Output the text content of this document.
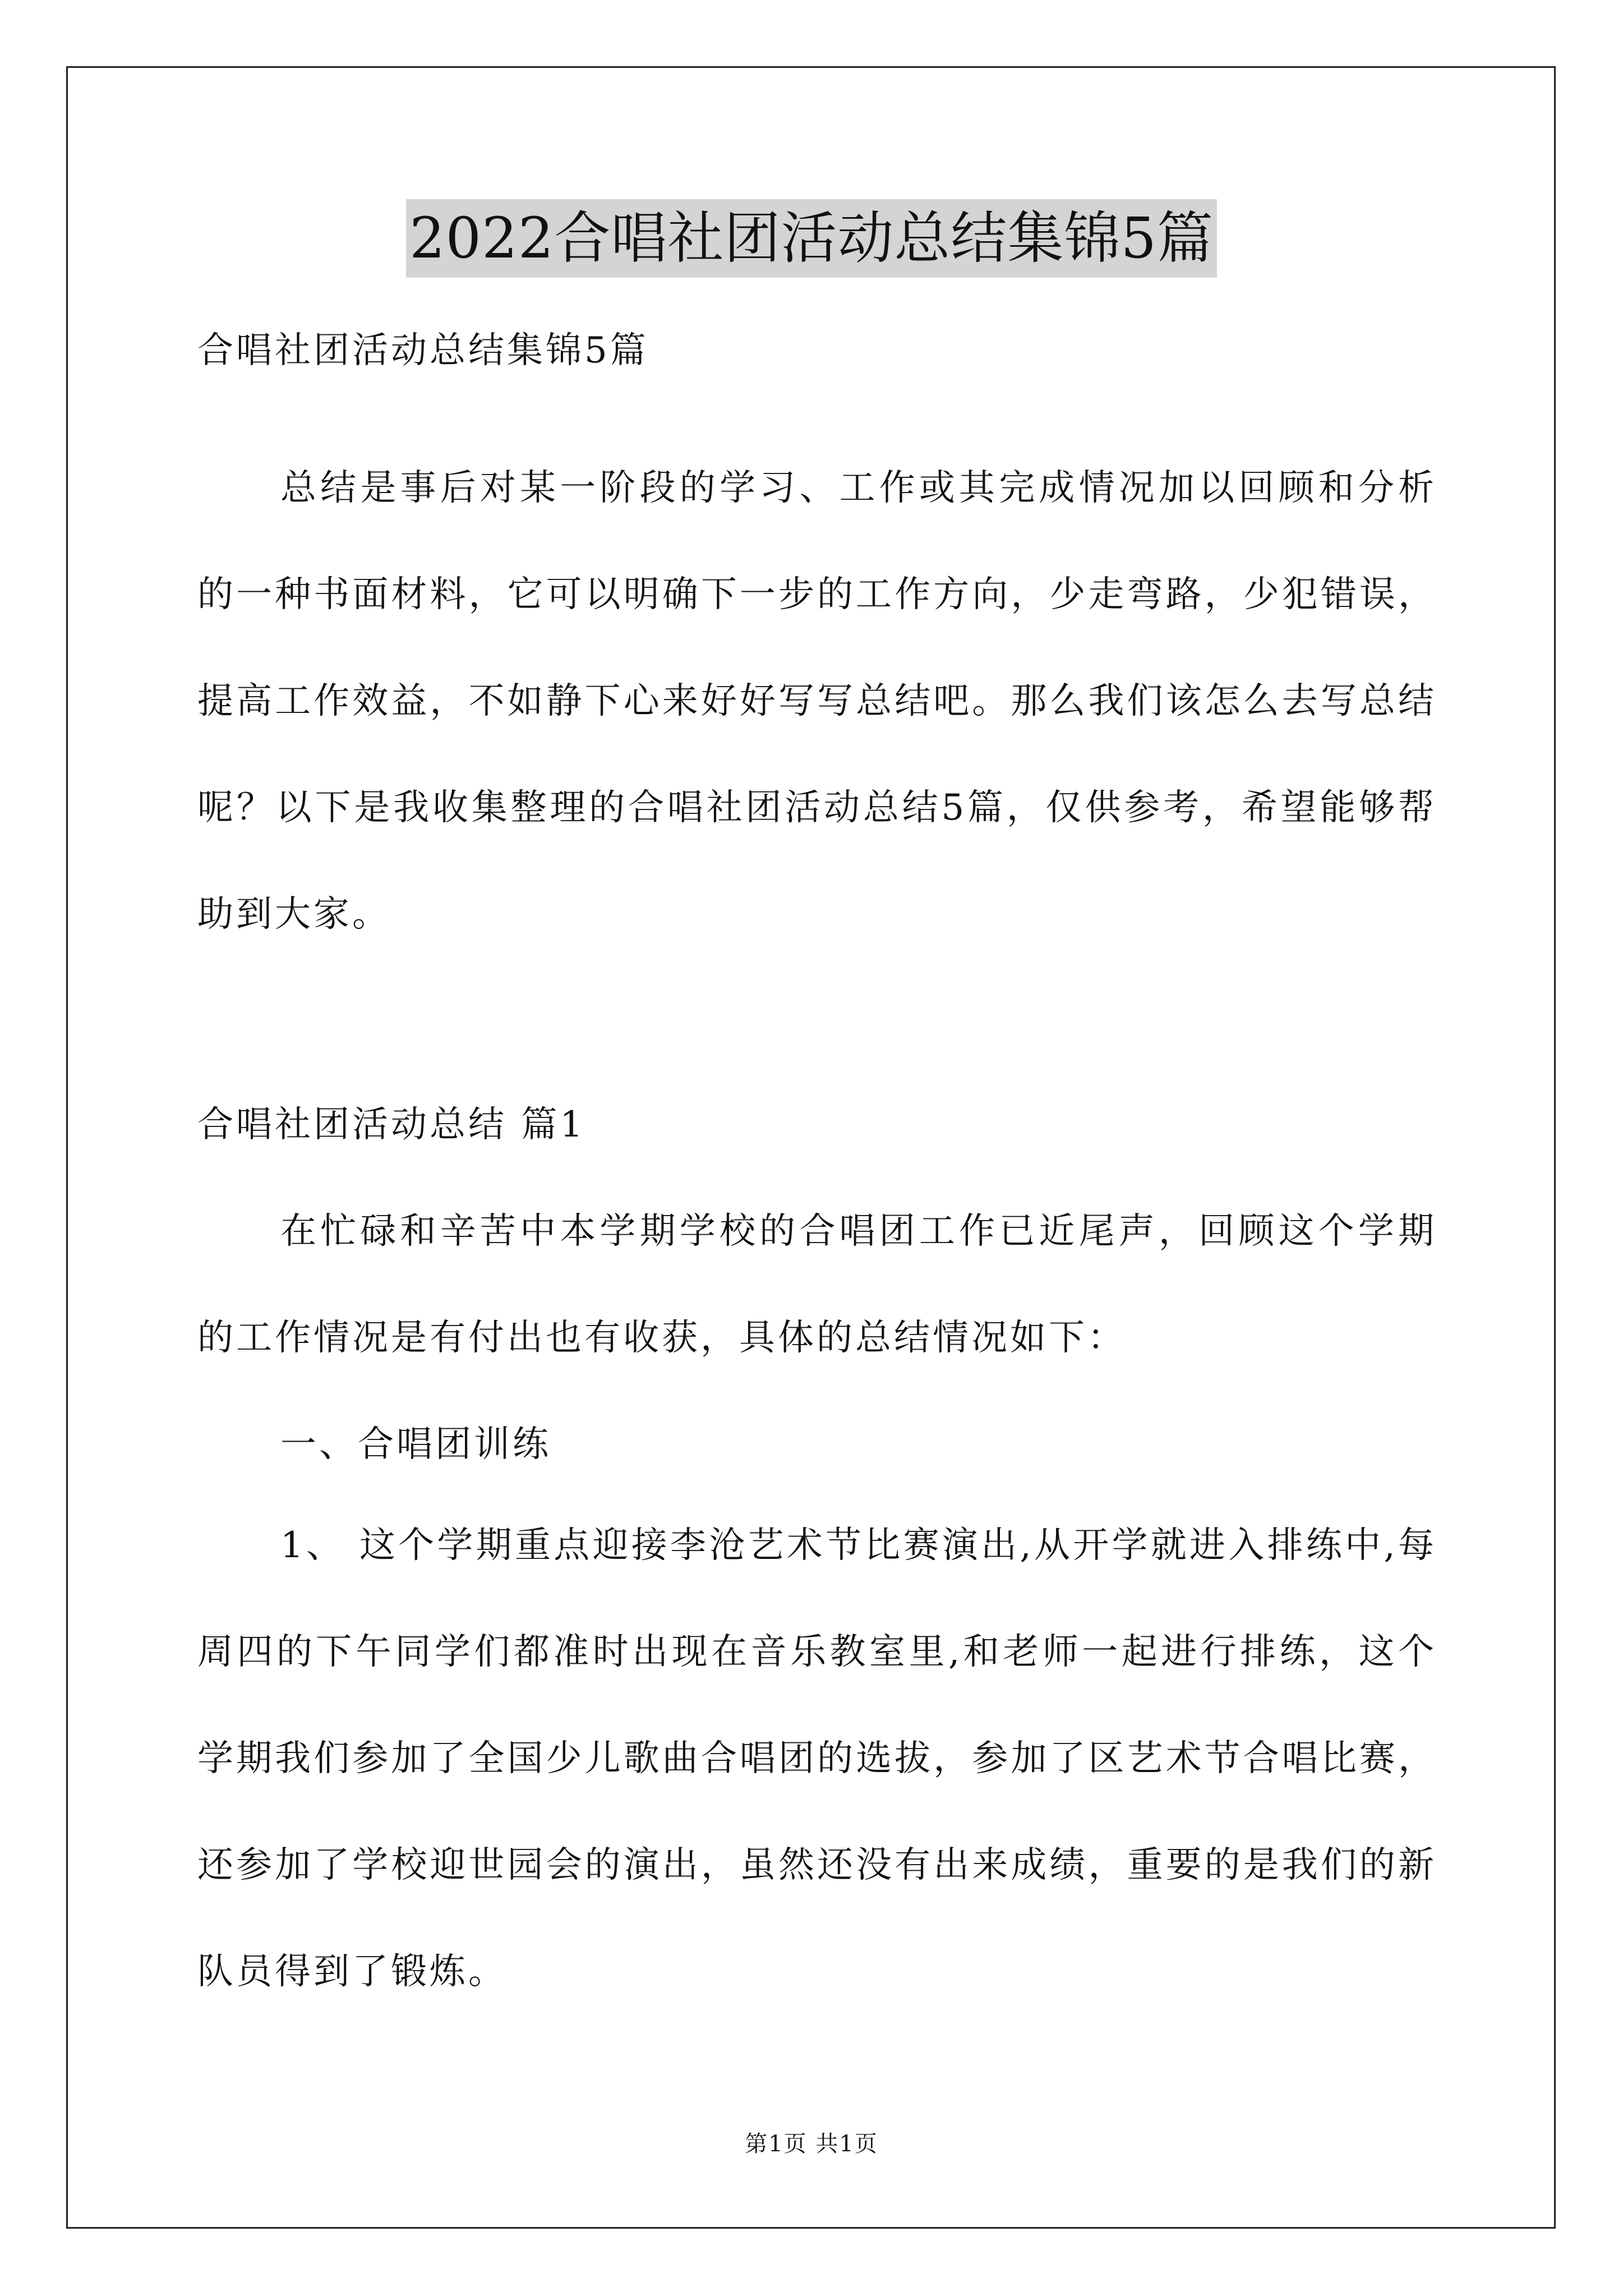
2022合唱社团活动总结集锦5篇
合唱社团活动总结集锦5篇

总结是事后对某一阶段的学习、工作或其完成情况加以回顾和分析的一种书面材料，它可以明确下一步的工作方向，少走弯路，少犯错误，提高工作效益，不如静下心来好好写写总结吧。那么我们该怎么去写总结呢？以下是我收集整理的合唱社团活动总结5篇，仅供参考，希望能够帮助到大家。

合唱社团活动总结 篇1

在忙碌和辛苦中本学期学校的合唱团工作已近尾声，回顾这个学期的工作情况是有付出也有收获，具体的总结情况如下：

一、合唱团训练

1、 这个学期重点迎接李沧艺术节比赛演出,从开学就进入排练中,每周四的下午同学们都准时出现在音乐教室里,和老师一起进行排练，这个学期我们参加了全国少儿歌曲合唱团的选拔，参加了区艺术节合唱比赛，还参加了学校迎世园会的演出，虽然还没有出来成绩，重要的是我们的新队员得到了锻炼。

第1页 共1页
